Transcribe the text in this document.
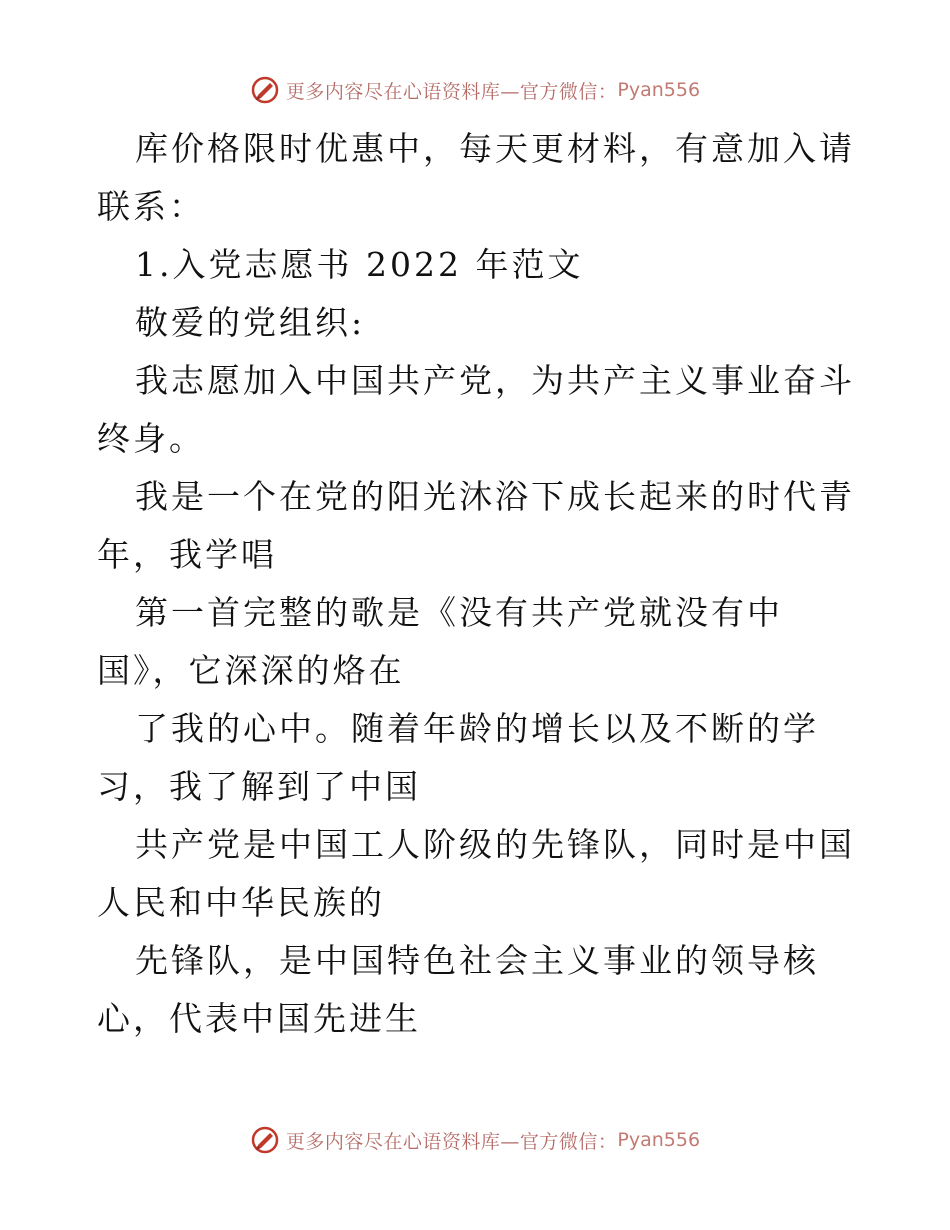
更多内容尽在心语资料库—官方微信： Pyan556

库价格限时优惠中，每天更材料，有意加入请联系：

1.入党志愿书 2022 年范文

敬爱的党组织:

我志愿加入中国共产党，为共产主义事业奋斗终身。

我是一个在党的阳光沐浴下成长起来的时代青年，我学唱

第一首完整的歌是《没有共产党就没有中国》，它深深的烙在

了我的心中。随着年龄的增长以及不断的学习，我了解到了中国

共产党是中国工人阶级的先锋队，同时是中国人民和中华民族的

先锋队，是中国特色社会主义事业的领导核心，代表中国先进生

更多内容尽在心语资料库—官方微信： Pyan556
